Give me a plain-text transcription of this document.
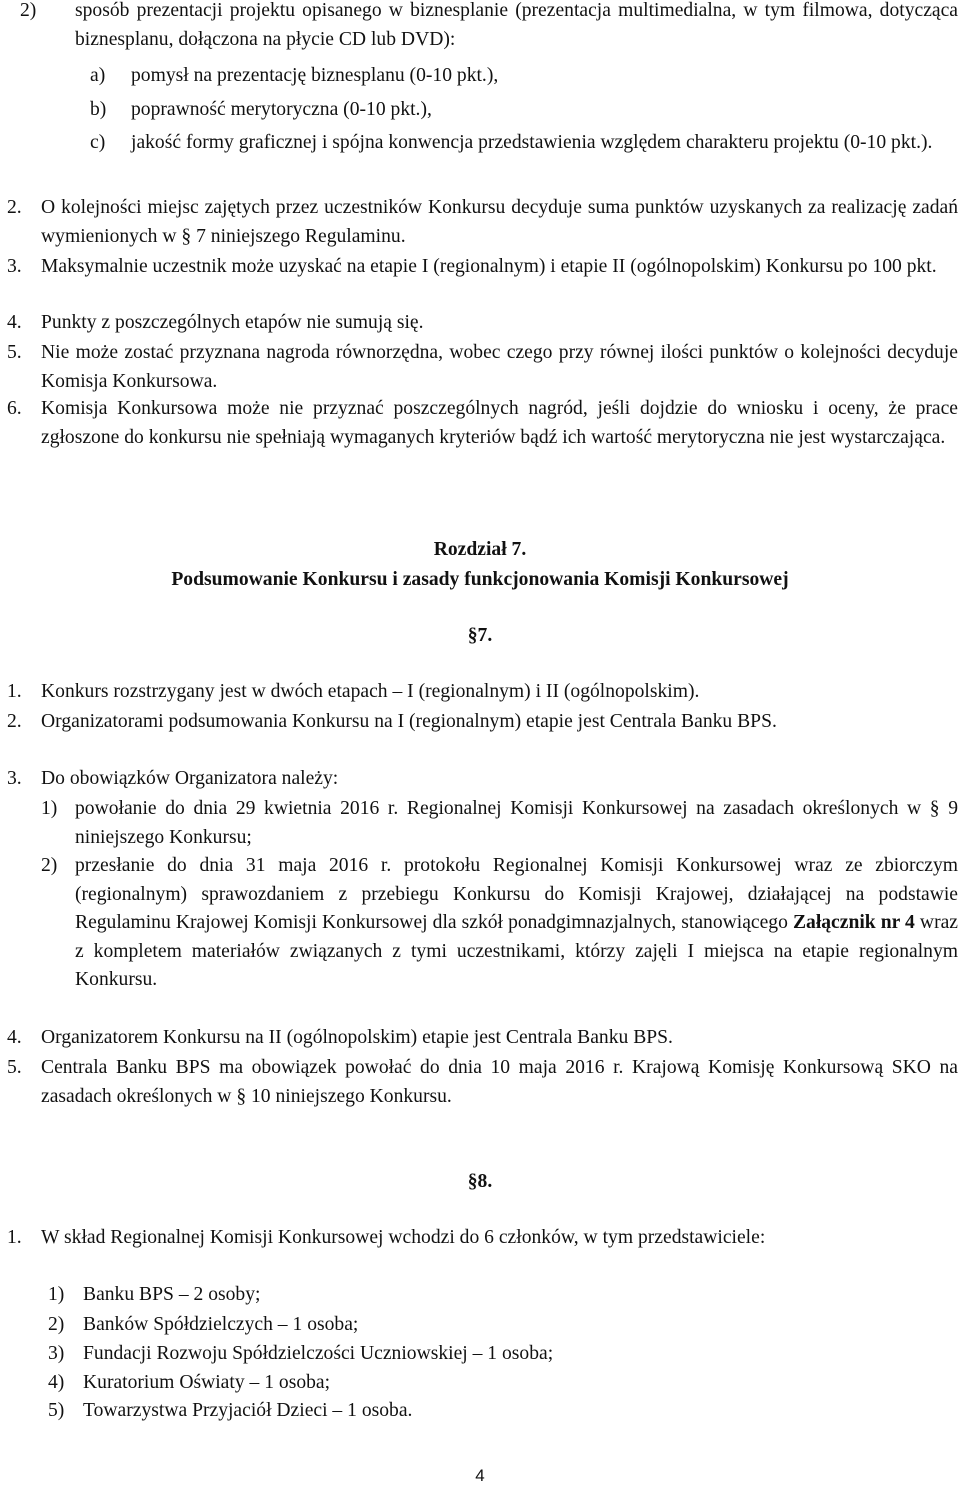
2)	sposób prezentacji projektu opisanego w biznesplanie (prezentacja multimedialna, w tym filmowa, dotycząca biznesplanu, dołączona na płycie CD lub DVD):
a)	pomysł na prezentację biznesplanu (0-10 pkt.),
b)	poprawność merytoryczna (0-10 pkt.),
c)	jakość formy graficznej i spójna konwencja przedstawienia względem charakteru projektu (0-10 pkt.).
2. O kolejności miejsc zajętych przez uczestników Konkursu decyduje suma punktów uzyskanych za realizację zadań wymienionych w § 7 niniejszego Regulaminu.
3. Maksymalnie uczestnik może uzyskać na etapie I (regionalnym) i etapie II (ogólnopolskim) Konkursu po 100 pkt.
4. Punkty z poszczególnych etapów nie sumują się.
5. Nie może zostać przyznana nagroda równorzędna, wobec czego przy równej ilości punktów o kolejności decyduje Komisja Konkursowa.
6. Komisja Konkursowa może nie przyznać poszczególnych nagród, jeśli dojdzie do wniosku i oceny, że prace zgłoszone do konkursu nie spełniają wymaganych kryteriów bądź ich wartość merytoryczna nie jest wystarczająca.
Rozdział 7.
Podsumowanie Konkursu i zasady funkcjonowania Komisji Konkursowej
§7.
1. Konkurs rozstrzygany jest w dwóch etapach – I (regionalnym) i II (ogólnopolskim).
2. Organizatorami podsumowania Konkursu na I (regionalnym) etapie jest Centrala Banku BPS.
3. Do obowiązków Organizatora należy:
1) powołanie do dnia 29 kwietnia 2016 r. Regionalnej Komisji Konkursowej na zasadach określonych w § 9 niniejszego Konkursu;
2) przesłanie do dnia 31 maja 2016 r. protokołu Regionalnej Komisji Konkursowej wraz ze zbiorczym (regionalnym) sprawozdaniem z przebiegu Konkursu do Komisji Krajowej, działającej na podstawie Regulaminu Krajowej Komisji Konkursowej dla szkół ponadgimnazjalnych, stanowiącego Załącznik nr 4 wraz z kompletem materiałów związanych z tymi uczestnikami, którzy zajęli I miejsca na etapie regionalnym Konkursu.
4. Organizatorem Konkursu na II (ogólnopolskim) etapie jest Centrala Banku BPS.
5. Centrala Banku BPS ma obowiązek powołać do dnia 10 maja 2016 r. Krajową Komisję Konkursową SKO na zasadach określonych w § 10 niniejszego Konkursu.
§8.
1. W skład Regionalnej Komisji Konkursowej wchodzi do 6 członków, w tym przedstawiciele:
1) Banku BPS – 2 osoby;
2) Banków Spółdzielczych – 1 osoba;
3) Fundacji Rozwoju Spółdzielczości Uczniowskiej – 1 osoba;
4) Kuratorium Oświaty – 1 osoba;
5) Towarzystwa Przyjaciół Dzieci – 1 osoba.
4
